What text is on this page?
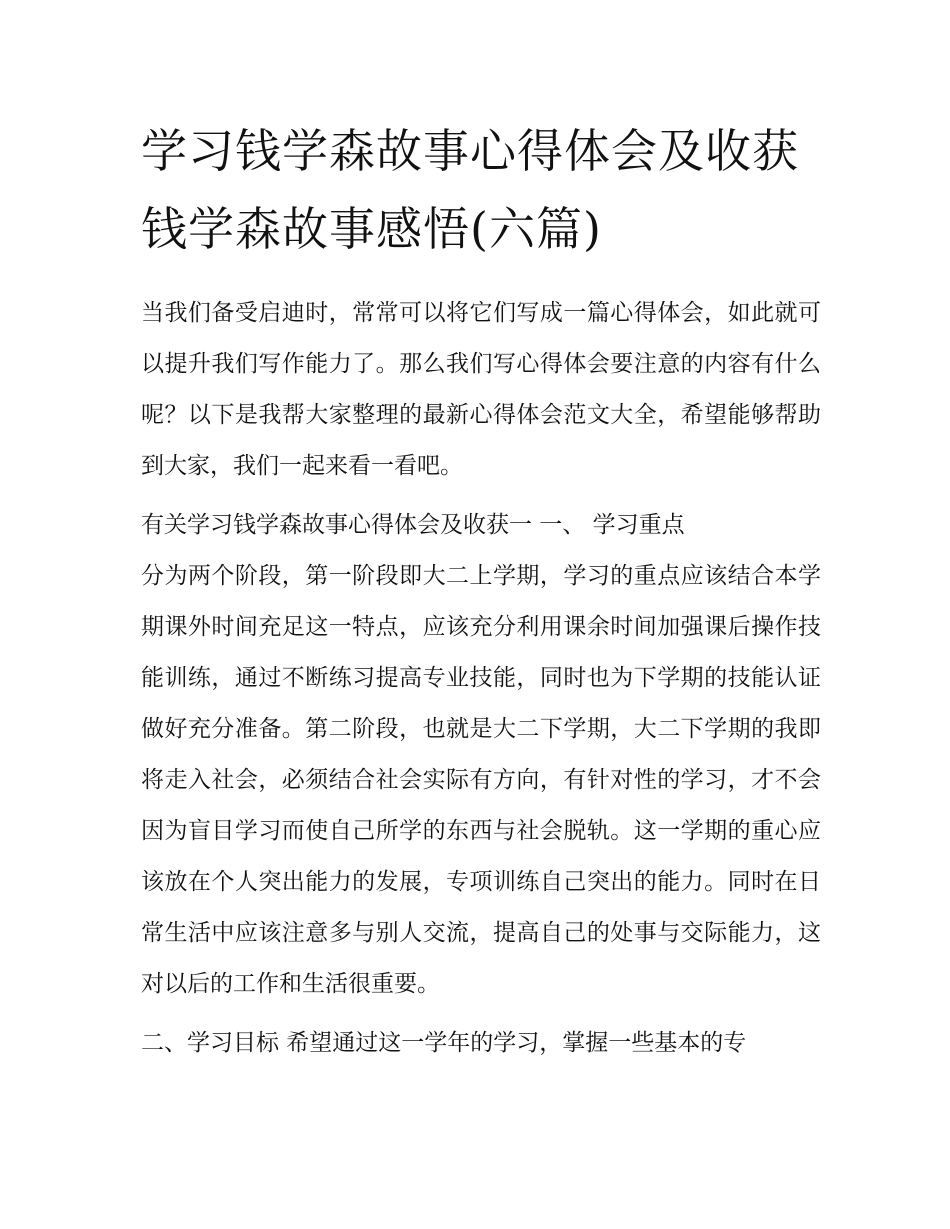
学习钱学森故事心得体会及收获 钱学森故事感悟(六篇)

当我们备受启迪时，常常可以将它们写成一篇心得体会，如此就可以提升我们写作能力了。那么我们写心得体会要注意的内容有什么呢？以下是我帮大家整理的最新心得体会范文大全，希望能够帮助到大家，我们一起来看一看吧。

有关学习钱学森故事心得体会及收获一 一、 学习重点

分为两个阶段，第一阶段即大二上学期，学习的重点应该结合本学期课外时间充足这一特点，应该充分利用课余时间加强课后操作技能训练，通过不断练习提高专业技能，同时也为下学期的技能认证做好充分准备。第二阶段，也就是大二下学期，大二下学期的我即将走入社会，必须结合社会实际有方向，有针对性的学习，才不会因为盲目学习而使自己所学的东西与社会脱轨。这一学期的重心应该放在个人突出能力的发展，专项训练自己突出的能力。同时在日常生活中应该注意多与别人交流，提高自己的处事与交际能力，这对以后的工作和生活很重要。

二、学习目标 希望通过这一学年的学习，掌握一些基本的专
